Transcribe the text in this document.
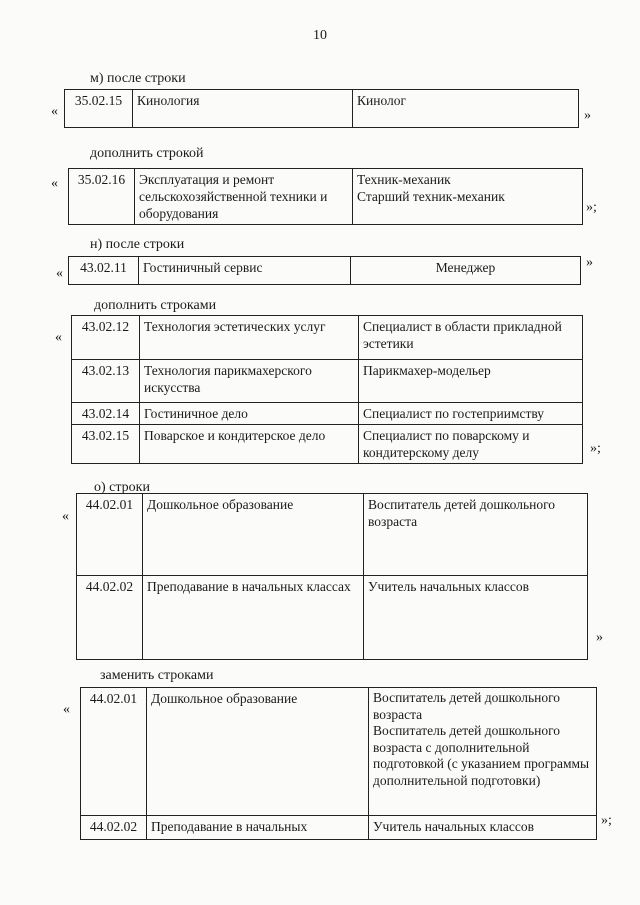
10
м) после строки
«
35.02.15	Кинология	Кинолог
»
дополнить строкой
« 35.02.16	Эксплуатация и ремонт сельскохозяйственной техники и оборудования	Техник-механик
Старший техник-механик
»;
н) после строки
« 43.02.11	Гостиничный сервис	Менеджер	»
дополнить строками
«
43.02.12	Технология эстетических услуг	Специалист в области прикладной эстетики
43.02.13	Технология парикмахерского искусства	Парикмахер-модельер
43.02.14	Гостиничное дело	Специалист по гостеприимству
43.02.15	Поварское и кондитерское дело	Специалист по поварскому и кондитерскому делу	»;
о) строки
«
44.02.01	Дошкольное образование	Воспитатель детей дошкольного возраста
44.02.02	Преподавание в начальных классах	Учитель начальных классов
»
заменить строками
«
44.02.01	Дошкольное образование	Воспитатель детей дошкольного возраста
Воспитатель детей дошкольного возраста с дополнительной подготовкой (с указанием программы дополнительной подготовки)
44.02.02	Преподавание в начальных	Учитель начальных классов	»;
